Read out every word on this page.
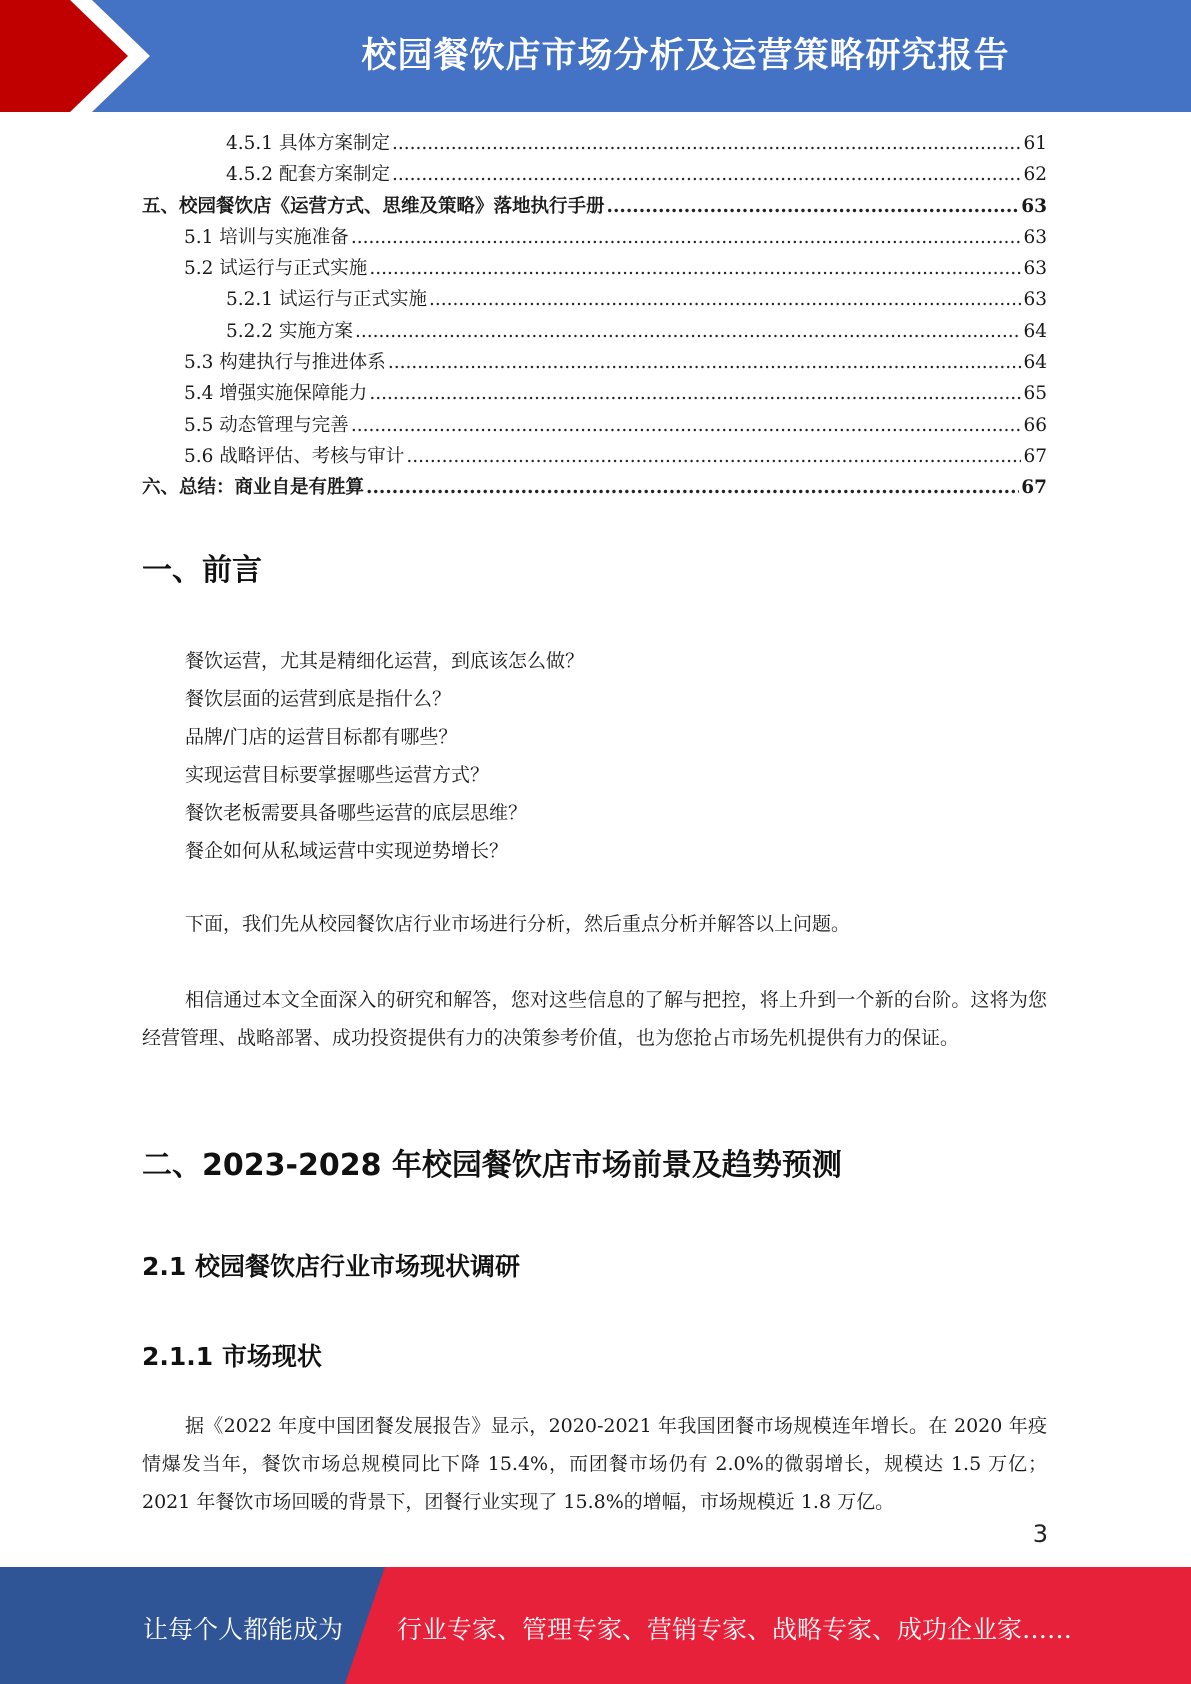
校园餐饮店市场分析及运营策略研究报告
4.5.1 具体方案制定 .....	61
4.5.2 配套方案制定 .....	62
五、校园餐饮店《运营方式、思维及策略》落地执行手册 .....	63
5.1 培训与实施准备 .....	63
5.2 试运行与正式实施 .....	63
5.2.1 试运行与正式实施 .....	63
5.2.2 实施方案 .....	64
5.3 构建执行与推进体系 .....	64
5.4 增强实施保障能力 .....	65
5.5 动态管理与完善 .....	66
5.6 战略评估、考核与审计 .....	67
六、总结：商业自是有胜算 .....	67
一、前言
餐饮运营，尤其是精细化运营，到底该怎么做？
餐饮层面的运营到底是指什么？
品牌/门店的运营目标都有哪些？
实现运营目标要掌握哪些运营方式？
餐饮老板需要具备哪些运营的底层思维？
餐企如何从私域运营中实现逆势增长？
下面，我们先从校园餐饮店行业市场进行分析，然后重点分析并解答以上问题。
相信通过本文全面深入的研究和解答，您对这些信息的了解与把控，将上升到一个新的台阶。这将为您经营管理、战略部署、成功投资提供有力的决策参考价值，也为您抢占市场先机提供有力的保证。
二、2023-2028 年校园餐饮店市场前景及趋势预测
2.1 校园餐饮店行业市场现状调研
2.1.1 市场现状
据《2022 年度中国团餐发展报告》显示，2020-2021 年我国团餐市场规模连年增长。在 2020 年疫情爆发当年，餐饮市场总规模同比下降 15.4%，而团餐市场仍有 2.0%的微弱增长，规模达 1.5 万亿；2021 年餐饮市场回暖的背景下，团餐行业实现了 15.8%的增幅，市场规模近 1.8 万亿。
3
让每个人都能成为 行业专家、管理专家、营销专家、战略专家、成功企业家……
